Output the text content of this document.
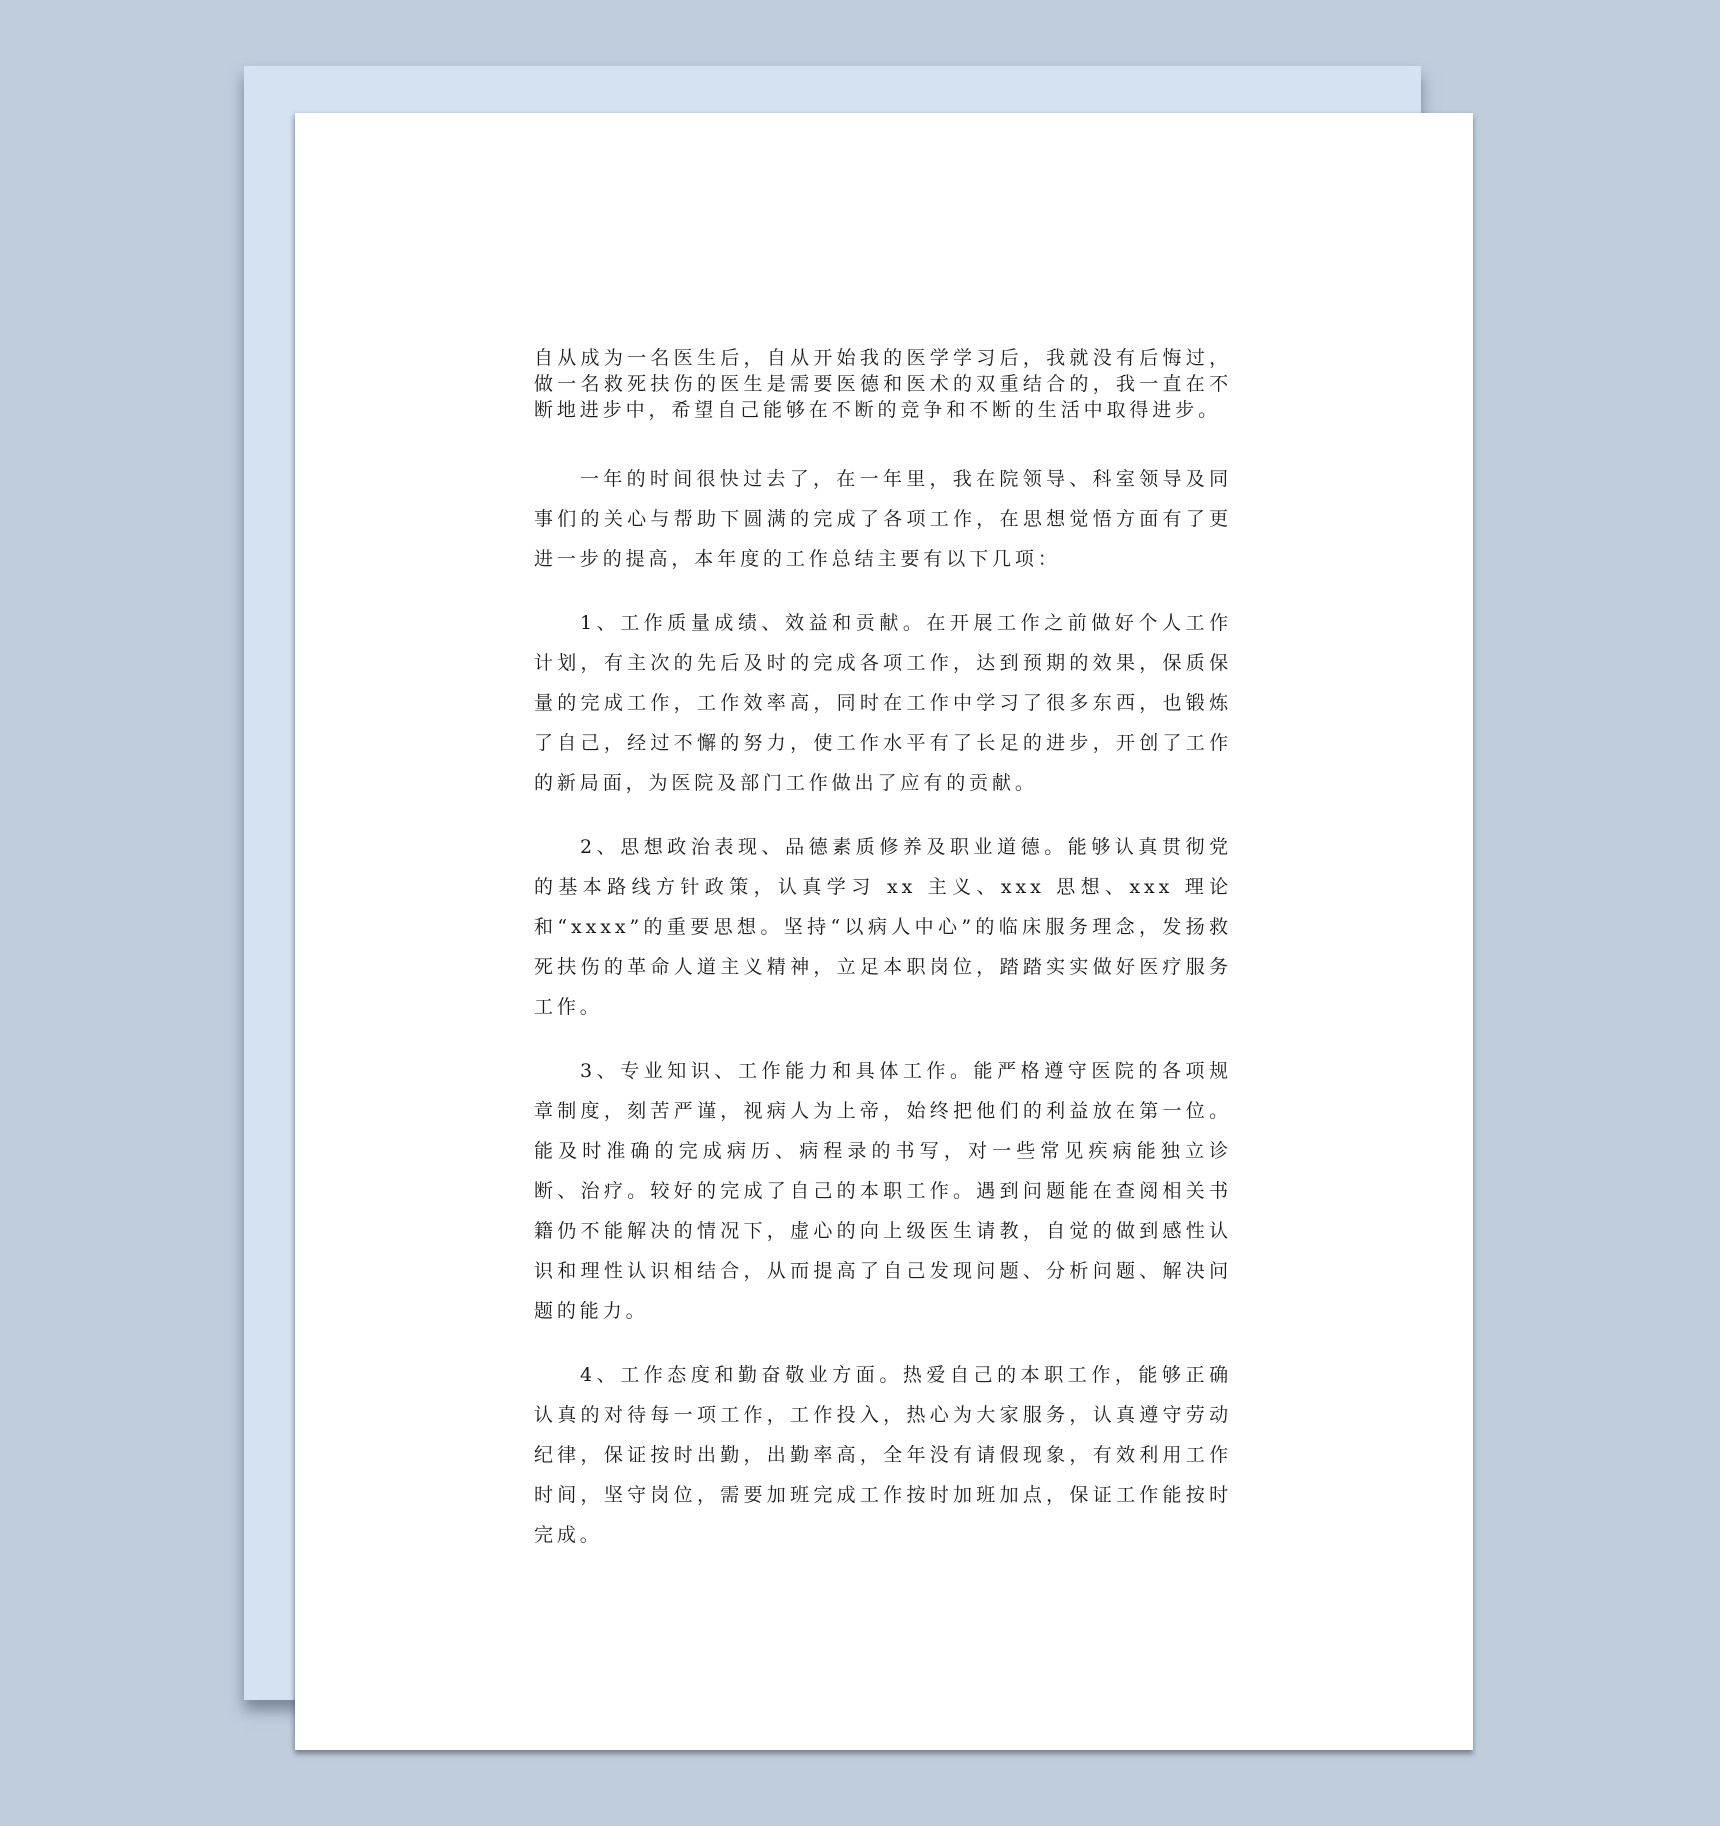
自从成为一名医生后，自从开始我的医学学习后，我就没有后悔过，做一名救死扶伤的医生是需要医德和医术的双重结合的，我一直在不断地进步中，希望自己能够在不断的竞争和不断的生活中取得进步。

一年的时间很快过去了，在一年里，我在院领导、科室领导及同事们的关心与帮助下圆满的完成了各项工作，在思想觉悟方面有了更进一步的提高，本年度的工作总结主要有以下几项：

1、工作质量成绩、效益和贡献。在开展工作之前做好个人工作计划，有主次的先后及时的完成各项工作，达到预期的效果，保质保量的完成工作，工作效率高，同时在工作中学习了很多东西，也锻炼了自己，经过不懈的努力，使工作水平有了长足的进步，开创了工作的新局面，为医院及部门工作做出了应有的贡献。

2、思想政治表现、品德素质修养及职业道德。能够认真贯彻党的基本路线方针政策，认真学习 xx 主义、xxx 思想、xxx 理论和“xxxx”的重要思想。坚持“以病人中心”的临床服务理念，发扬救死扶伤的革命人道主义精神，立足本职岗位，踏踏实实做好医疗服务工作。

3、专业知识、工作能力和具体工作。能严格遵守医院的各项规章制度，刻苦严谨，视病人为上帝，始终把他们的利益放在第一位。能及时准确的完成病历、病程录的书写，对一些常见疾病能独立诊断、治疗。较好的完成了自己的本职工作。遇到问题能在查阅相关书籍仍不能解决的情况下，虚心的向上级医生请教，自觉的做到感性认识和理性认识相结合，从而提高了自己发现问题、分析问题、解决问题的能力。

4、工作态度和勤奋敬业方面。热爱自己的本职工作，能够正确认真的对待每一项工作，工作投入，热心为大家服务，认真遵守劳动纪律，保证按时出勤，出勤率高，全年没有请假现象，有效利用工作时间，坚守岗位，需要加班完成工作按时加班加点，保证工作能按时完成。
